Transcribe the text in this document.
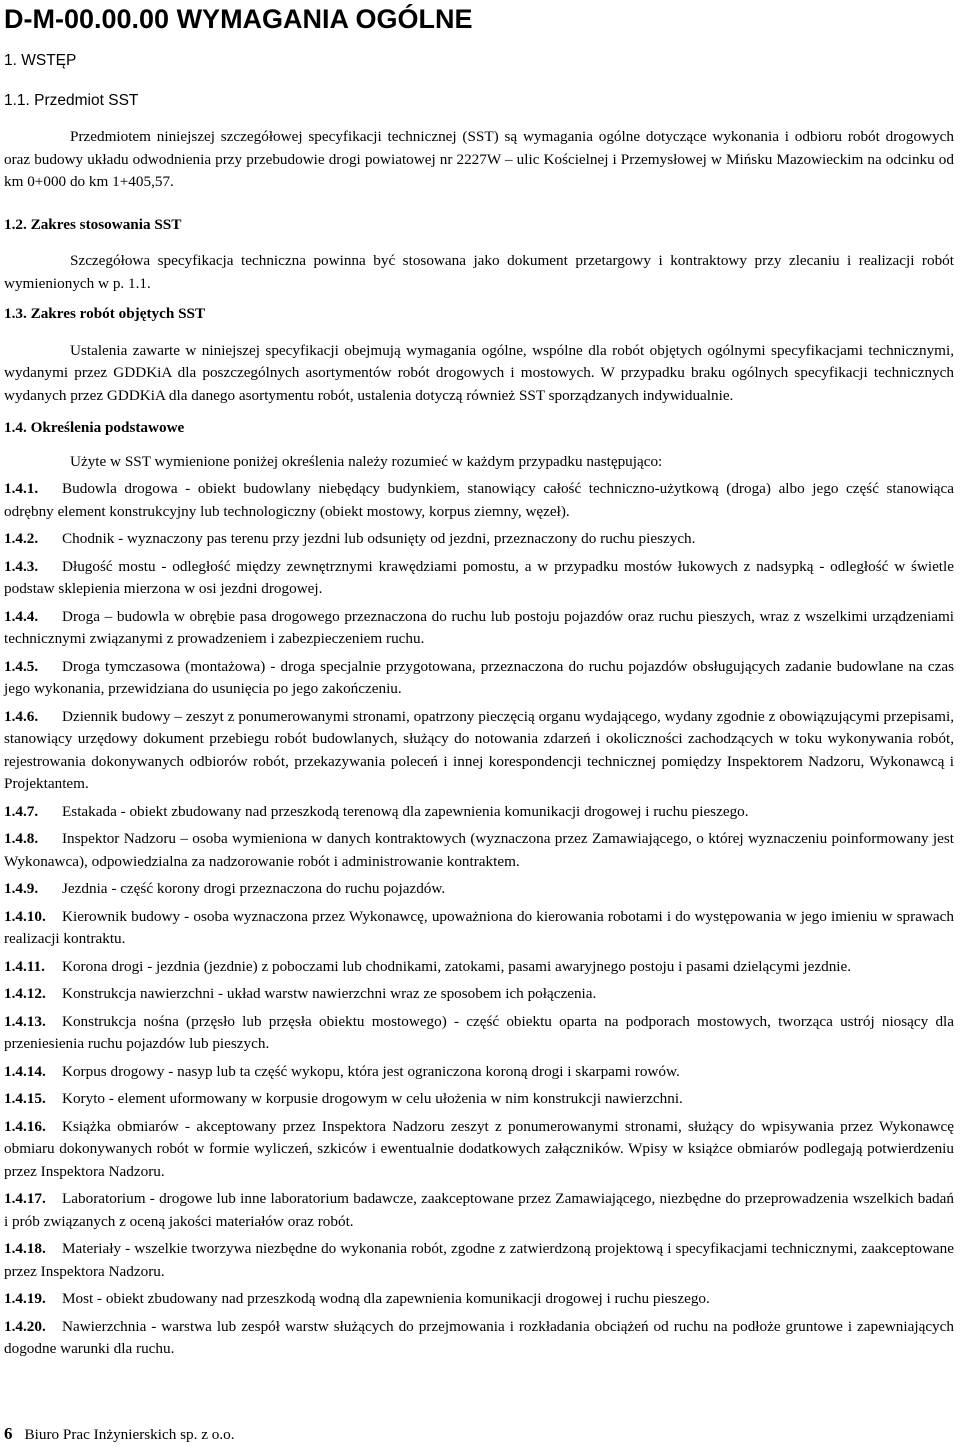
D-M-00.00.00 WYMAGANIA OGÓLNE
1. WSTĘP
1.1. Przedmiot SST

Przedmiotem niniejszej szczegółowej specyfikacji technicznej (SST) są wymagania ogólne dotyczące wykonania i odbioru robót drogowych oraz budowy układu odwodnienia przy przebudowie drogi powiatowej nr 2227W – ulic Kościelnej i Przemysłowej w Mińsku Mazowieckim na odcinku od km 0+000 do km 1+405,57.

1.2. Zakres stosowania SST

Szczegółowa specyfikacja techniczna powinna być stosowana jako dokument przetargowy i kontraktowy przy zlecaniu i realizacji robót wymienionych w p. 1.1.

1.3. Zakres robót objętych SST

Ustalenia zawarte w niniejszej specyfikacji obejmują wymagania ogólne, wspólne dla robót objętych ogólnymi specyfikacjami technicznymi, wydanymi przez GDDKiA dla poszczególnych asortymentów robót drogowych i mostowych. W przypadku braku ogólnych specyfikacji technicznych wydanych przez GDDKiA dla danego asortymentu robót, ustalenia dotyczą również SST sporządzanych indywidualnie.

1.4. Określenia podstawowe

Użyte w SST wymienione poniżej określenia należy rozumieć w każdym przypadku następująco:

1.4.1. Budowla drogowa - obiekt budowlany niebędący budynkiem, stanowiący całość techniczno-użytkową (droga) albo jego część stanowiąca odrębny element konstrukcyjny lub technologiczny (obiekt mostowy, korpus ziemny, węzeł).

1.4.2. Chodnik - wyznaczony pas terenu przy jezdni lub odsunięty od jezdni, przeznaczony do ruchu pieszych.

1.4.3. Długość mostu - odległość między zewnętrznymi krawędziami pomostu, a w przypadku mostów łukowych z nadsypką - odległość w świetle podstaw sklepienia mierzona w osi jezdni drogowej.

1.4.4. Droga – budowla w obrębie pasa drogowego przeznaczona do ruchu lub postoju pojazdów oraz ruchu pieszych, wraz z wszelkimi urządzeniami technicznymi związanymi z prowadzeniem i zabezpieczeniem ruchu.

1.4.5. Droga tymczasowa (montażowa) - droga specjalnie przygotowana, przeznaczona do ruchu pojazdów obsługujących zadanie budowlane na czas jego wykonania, przewidziana do usunięcia po jego zakończeniu.

1.4.6. Dziennik budowy – zeszyt z ponumerowanymi stronami, opatrzony pieczęcią organu wydającego, wydany zgodnie z obowiązującymi przepisami, stanowiący urzędowy dokument przebiegu robót budowlanych, służący do notowania zdarzeń i okoliczności zachodzących w toku wykonywania robót, rejestrowania dokonywanych odbiorów robót, przekazywania poleceń i innej korespondencji technicznej pomiędzy Inspektorem Nadzoru, Wykonawcą i Projektantem.

1.4.7. Estakada - obiekt zbudowany nad przeszkodą terenową dla zapewnienia komunikacji drogowej i ruchu pieszego.

1.4.8. Inspektor Nadzoru – osoba wymieniona w danych kontraktowych (wyznaczona przez Zamawiającego, o której wyznaczeniu poinformowany jest Wykonawca), odpowiedzialna za nadzorowanie robót i administrowanie kontraktem.

1.4.9. Jezdnia - część korony drogi przeznaczona do ruchu pojazdów.

1.4.10. Kierownik budowy - osoba wyznaczona przez Wykonawcę, upoważniona do kierowania robotami i do występowania w jego imieniu w sprawach realizacji kontraktu.

1.4.11. Korona drogi - jezdnia (jezdnie) z poboczami lub chodnikami, zatokami, pasami awaryjnego postoju i pasami dzielącymi jezdnie.

1.4.12. Konstrukcja nawierzchni - układ warstw nawierzchni wraz ze sposobem ich połączenia.

1.4.13. Konstrukcja nośna (przęsło lub przęsła obiektu mostowego) - część obiektu oparta na podporach mostowych, tworząca ustrój niosący dla przeniesienia ruchu pojazdów lub pieszych.

1.4.14. Korpus drogowy - nasyp lub ta część wykopu, która jest ograniczona koroną drogi i skarpami rowów.

1.4.15. Koryto - element uformowany w korpusie drogowym w celu ułożenia w nim konstrukcji nawierzchni.

1.4.16. Książka obmiarów - akceptowany przez Inspektora Nadzoru zeszyt z ponumerowanymi stronami, służący do wpisywania przez Wykonawcę obmiaru dokonywanych robót w formie wyliczeń, szkiców i ewentualnie dodatkowych załączników. Wpisy w książce obmiarów podlegają potwierdzeniu przez Inspektora Nadzoru.

1.4.17. Laboratorium - drogowe lub inne laboratorium badawcze, zaakceptowane przez Zamawiającego, niezbędne do przeprowadzenia wszelkich badań i prób związanych z oceną jakości materiałów oraz robót.

1.4.18. Materiały - wszelkie tworzywa niezbędne do wykonania robót, zgodne z zatwierdzoną projektową i specyfikacjami technicznymi, zaakceptowane przez Inspektora Nadzoru.

1.4.19. Most - obiekt zbudowany nad przeszkodą wodną dla zapewnienia komunikacji drogowej i ruchu pieszego.

1.4.20. Nawierzchnia - warstwa lub zespół warstw służących do przejmowania i rozkładania obciążeń od ruchu na podłoże gruntowe i zapewniających dogodne warunki dla ruchu.

6 Biuro Prac Inżynierskich sp. z o.o.
